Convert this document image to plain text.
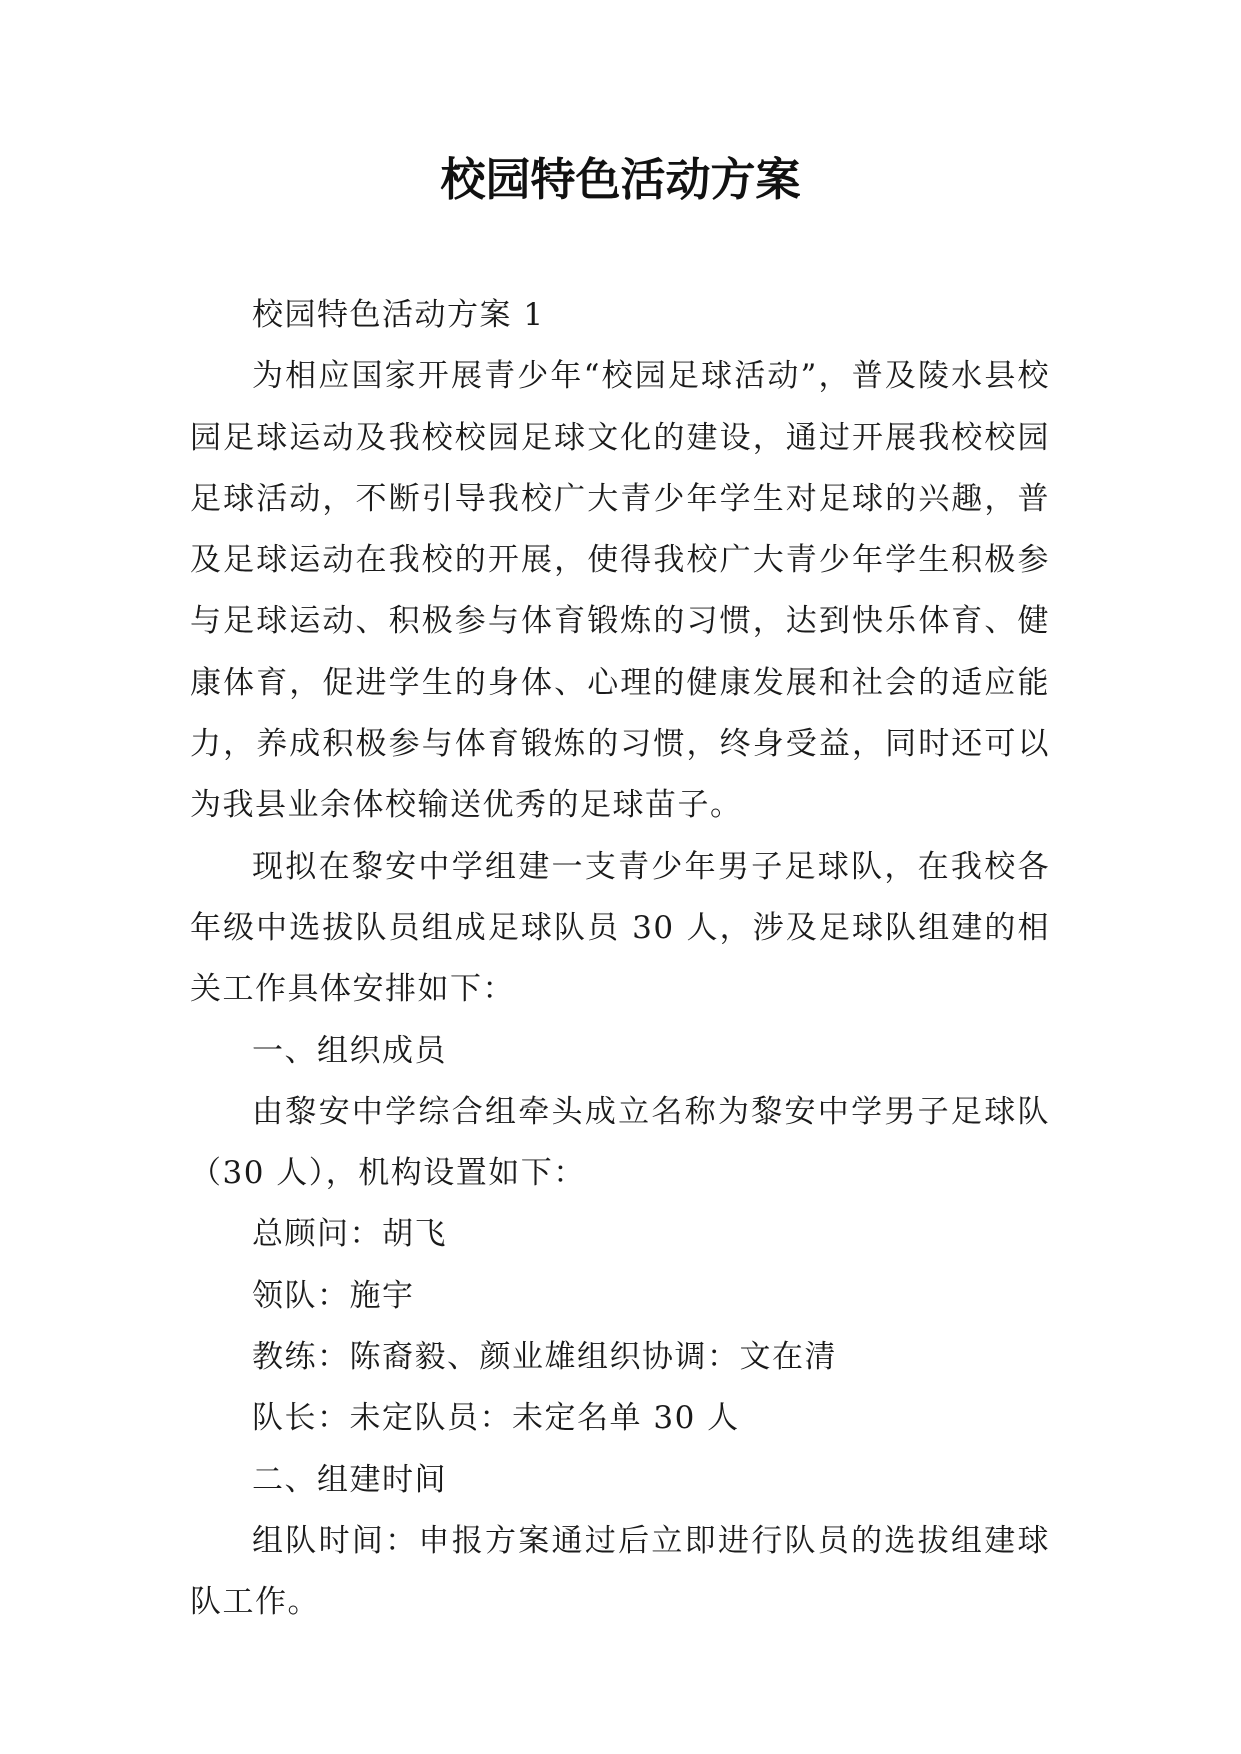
校园特色活动方案

校园特色活动方案 1

为相应国家开展青少年“校园足球活动”，普及陵水县校园足球运动及我校校园足球文化的建设，通过开展我校校园足球活动，不断引导我校广大青少年学生对足球的兴趣，普及足球运动在我校的开展，使得我校广大青少年学生积极参与足球运动、积极参与体育锻炼的习惯，达到快乐体育、健康体育，促进学生的身体、心理的健康发展和社会的适应能力，养成积极参与体育锻炼的习惯，终身受益，同时还可以为我县业余体校输送优秀的足球苗子。

现拟在黎安中学组建一支青少年男子足球队，在我校各年级中选拔队员组成足球队员 30 人，涉及足球队组建的相关工作具体安排如下：

一、组织成员

由黎安中学综合组牵头成立名称为黎安中学男子足球队（30 人），机构设置如下：

总顾问：胡飞

领队：施宇

教练：陈裔毅、颜业雄组织协调：文在清

队长：未定队员：未定名单 30 人

二、组建时间

组队时间：申报方案通过后立即进行队员的选拔组建球队工作。
